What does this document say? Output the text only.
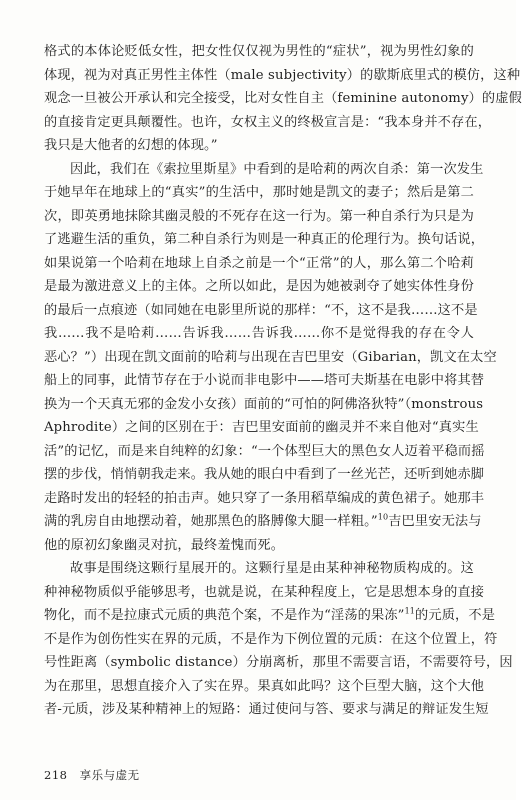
格式的本体论贬低女性，把女性仅仅视为男性的“症状”，视为男性幻象的
体现，视为对真正男性主体性（male subjectivity）的歇斯底里式的模仿，这种
观念一旦被公开承认和完全接受，比对女性自主（feminine autonomy）的虚假
的直接肯定更具颠覆性。也许，女权主义的终极宣言是：“我本身并不存在，
我只是大他者的幻想的体现。”
因此，我们在《索拉里斯星》中看到的是哈莉的两次自杀：第一次发生
于她早年在地球上的“真实”的生活中，那时她是凯文的妻子；然后是第二
次，即英勇地抹除其幽灵般的不死存在这一行为。第一种自杀行为只是为
了逃避生活的重负，第二种自杀行为则是一种真正的伦理行为。换句话说，
如果说第一个哈莉在地球上自杀之前是一个“正常”的人，那么第二个哈莉
是最为激进意义上的主体。之所以如此，是因为她被剥夺了她实体性身份
的最后一点痕迹（如同她在电影里所说的那样：“不，这不是我……这不是
我……我不是哈莉……告诉我……告诉我……你不是觉得我的存在令人
恶心？”）出现在凯文面前的哈莉与出现在吉巴里安（Gibarian，凯文在太空
船上的同事，此情节存在于小说而非电影中——塔可夫斯基在电影中将其替
换为一个天真无邪的金发小女孩）面前的“可怕的阿佛洛狄特”（monstrous
Aphrodite）之间的区别在于：吉巴里安面前的幽灵并不来自他对“真实生
活”的记忆，而是来自纯粹的幻象：“一个体型巨大的黑色女人迈着平稳而摇
摆的步伐，悄悄朝我走来。我从她的眼白中看到了一丝光芒，还听到她赤脚
走路时发出的轻轻的拍击声。她只穿了一条用稻草编成的黄色裙子。她那丰
满的乳房自由地摆动着，她那黑色的胳膊像大腿一样粗。”$^{10}$吉巴里安无法与
他的原初幻象幽灵对抗，最终羞愧而死。
故事是围绕这颗行星展开的。这颗行星是由某种神秘物质构成的。这
种神秘物质似乎能够思考，也就是说，在某种程度上，它是思想本身的直接
物化，而不是拉康式元质的典范个案，不是作为“淫荡的果冻”$^{11}$的元质，不是
不是作为创伤性实在界的元质，不是作为下例位置的元质：在这个位置上，符
号性距离（symbolic distance）分崩离析，那里不需要言语，不需要符号，因
为在那里，思想直接介入了实在界。果真如此吗？这个巨型大脑，这个大他
者-元质，涉及某种精神上的短路：通过使问与答、要求与满足的辩证发生短
218 享乐与虚无
